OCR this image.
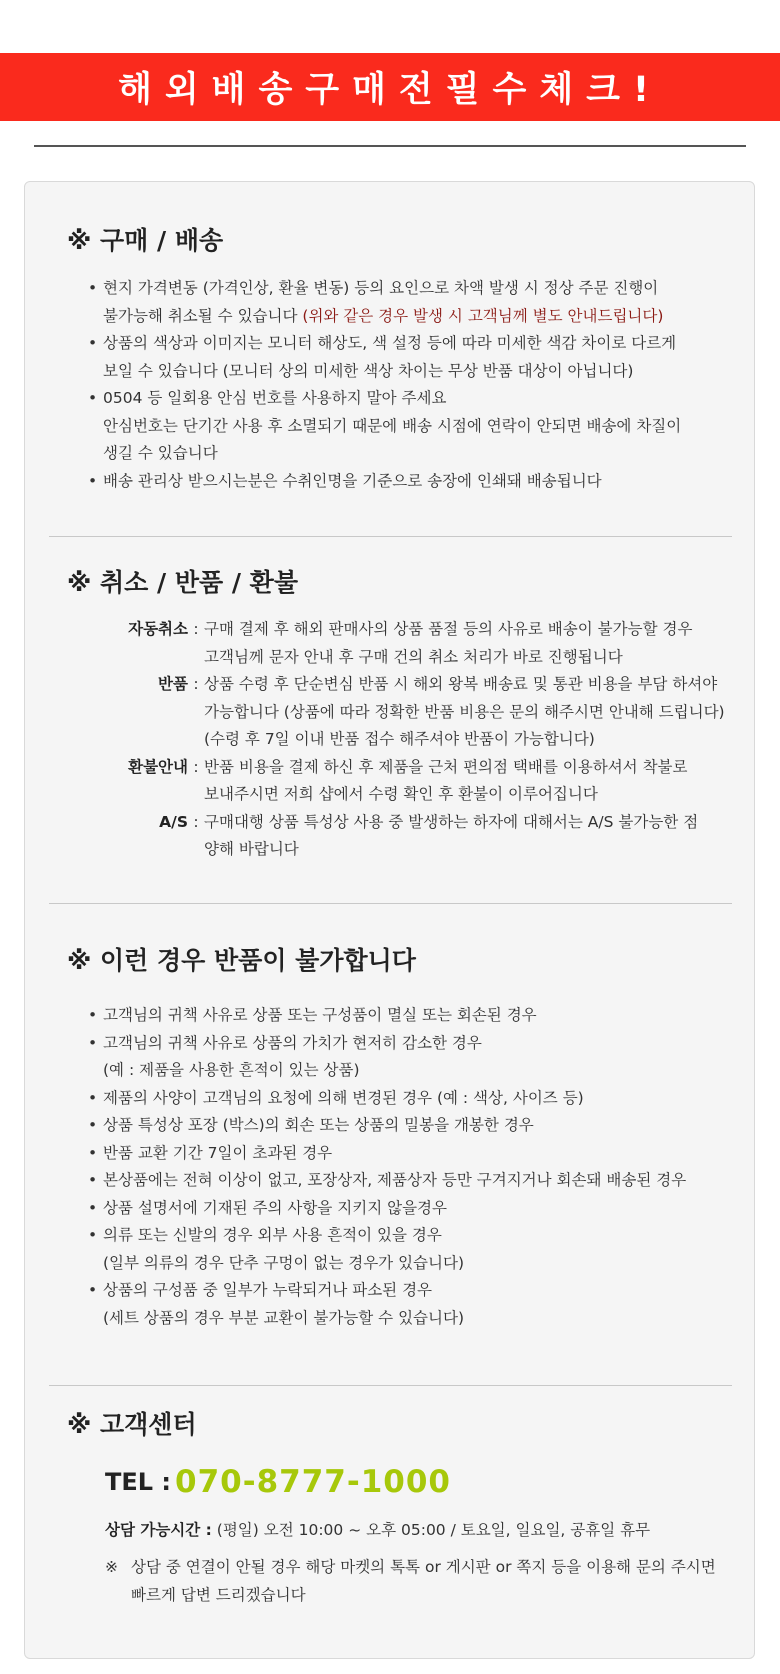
해외배송구매전필수체크!
※ 구매 / 배송
• 현지 가격변동 (가격인상, 환율 변동) 등의 요인으로 차액 발생 시 정상 주문 진행이
불가능해 취소될 수 있습니다 (위와 같은 경우 발생 시 고객님께 별도 안내드립니다)
• 상품의 색상과 이미지는 모니터 해상도, 색 설정 등에 따라 미세한 색감 차이로 다르게
보일 수 있습니다 (모니터 상의 미세한 색상 차이는 무상 반품 대상이 아닙니다)
• 0504 등 일회용 안심 번호를 사용하지 말아 주세요
안심번호는 단기간 사용 후 소멸되기 때문에 배송 시점에 연락이 안되면 배송에 차질이
생길 수 있습니다
• 배송 관리상 받으시는분은 수취인명을 기준으로 송장에 인쇄돼 배송됩니다
※ 취소 / 반품 / 환불
자동취소 : 구매 결제 후 해외 판매사의 상품 품절 등의 사유로 배송이 불가능할 경우
고객님께 문자 안내 후 구매 건의 취소 처리가 바로 진행됩니다
반품 : 상품 수령 후 단순변심 반품 시 해외 왕복 배송료 및 통관 비용을 부담 하셔야
가능합니다 (상품에 따라 정확한 반품 비용은 문의 해주시면 안내해 드립니다)
(수령 후 7일 이내 반품 접수 해주셔야 반품이 가능합니다)
환불안내 : 반품 비용을 결제 하신 후 제품을 근처 편의점 택배를 이용하셔서 착불로
보내주시면 저희 샵에서 수령 확인 후 환불이 이루어집니다
A/S : 구매대행 상품 특성상 사용 중 발생하는 하자에 대해서는 A/S 불가능한 점
양해 바랍니다
※ 이런 경우 반품이 불가합니다
• 고객님의 귀책 사유로 상품 또는 구성품이 멸실 또는 회손된 경우
• 고객님의 귀책 사유로 상품의 가치가 현저히 감소한 경우
(예 : 제품을 사용한 흔적이 있는 상품)
• 제품의 사양이 고객님의 요청에 의해 변경된 경우 (예 : 색상, 사이즈 등)
• 상품 특성상 포장 (박스)의 회손 또는 상품의 밀봉을 개봉한 경우
• 반품 교환 기간 7일이 초과된 경우
• 본상품에는 전혀 이상이 없고, 포장상자, 제품상자 등만 구겨지거나 회손돼 배송된 경우
• 상품 설명서에 기재된 주의 사항을 지키지 않을경우
• 의류 또는 신발의 경우 외부 사용 흔적이 있을 경우
(일부 의류의 경우 단추 구멍이 없는 경우가 있습니다)
• 상품의 구성품 중 일부가 누락되거나 파소된 경우
(세트 상품의 경우 부분 교환이 불가능할 수 있습니다)
※ 고객센터
TEL : 070-8777-1000
상담 가능시간 : (평일) 오전 10:00 ~ 오후 05:00 / 토요일, 일요일, 공휴일 휴무
※ 상담 중 연결이 안될 경우 해당 마켓의 톡톡 or 게시판 or 쪽지 등을 이용해 문의 주시면
빠르게 답변 드리겠습니다
